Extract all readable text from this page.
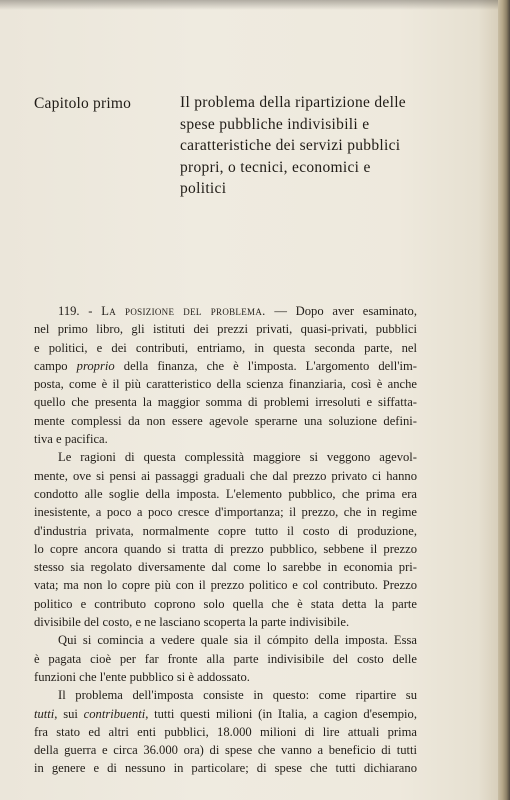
Capitolo primo	Il problema della ripartizione delle
spese pubbliche indivisibili e
caratteristiche dei servizi pubblici
propri, o tecnici, economici e
politici
119. - La posizione del problema. — Dopo aver esaminato,
nel primo libro, gli istituti dei prezzi privati, quasi-privati, pubblici
e politici, e dei contributi, entriamo, in questa seconda parte, nel
campo proprio della finanza, che è l'imposta. L'argomento dell'im-
posta, come è il più caratteristico della scienza finanziaria, così è anche
quello che presenta la maggior somma di problemi irresoluti e siffatta-
mente complessi da non essere agevole sperarne una soluzione defini-
tiva e pacifica.
Le ragioni di questa complessità maggiore si veggono agevol-
mente, ove si pensi ai passaggi graduali che dal prezzo privato ci hanno
condotto alle soglie della imposta. L'elemento pubblico, che prima era
inesistente, a poco a poco cresce d'importanza; il prezzo, che in regime
d'industria privata, normalmente copre tutto il costo di produzione,
lo copre ancora quando si tratta di prezzo pubblico, sebbene il prezzo
stesso sia regolato diversamente dal come lo sarebbe in economia pri-
vata; ma non lo copre più con il prezzo politico e col contributo. Prezzo
politico e contributo coprono solo quella che è stata detta la parte
divisibile del costo, e ne lasciano scoperta la parte indivisibile.
Qui si comincia a vedere quale sia il cómpito della imposta. Essa
è pagata cioè per far fronte alla parte indivisibile del costo delle
funzioni che l'ente pubblico si è addossato.
Il problema dell'imposta consiste in questo: come ripartire su
tutti, sui contribuenti, tutti questi milioni (in Italia, a cagion d'esempio,
fra stato ed altri enti pubblici, 18.000 milioni di lire attuali prima
della guerra e circa 36.000 ora) di spese che vanno a beneficio di tutti
in genere e di nessuno in particolare; di spese che tutti dichiarano
